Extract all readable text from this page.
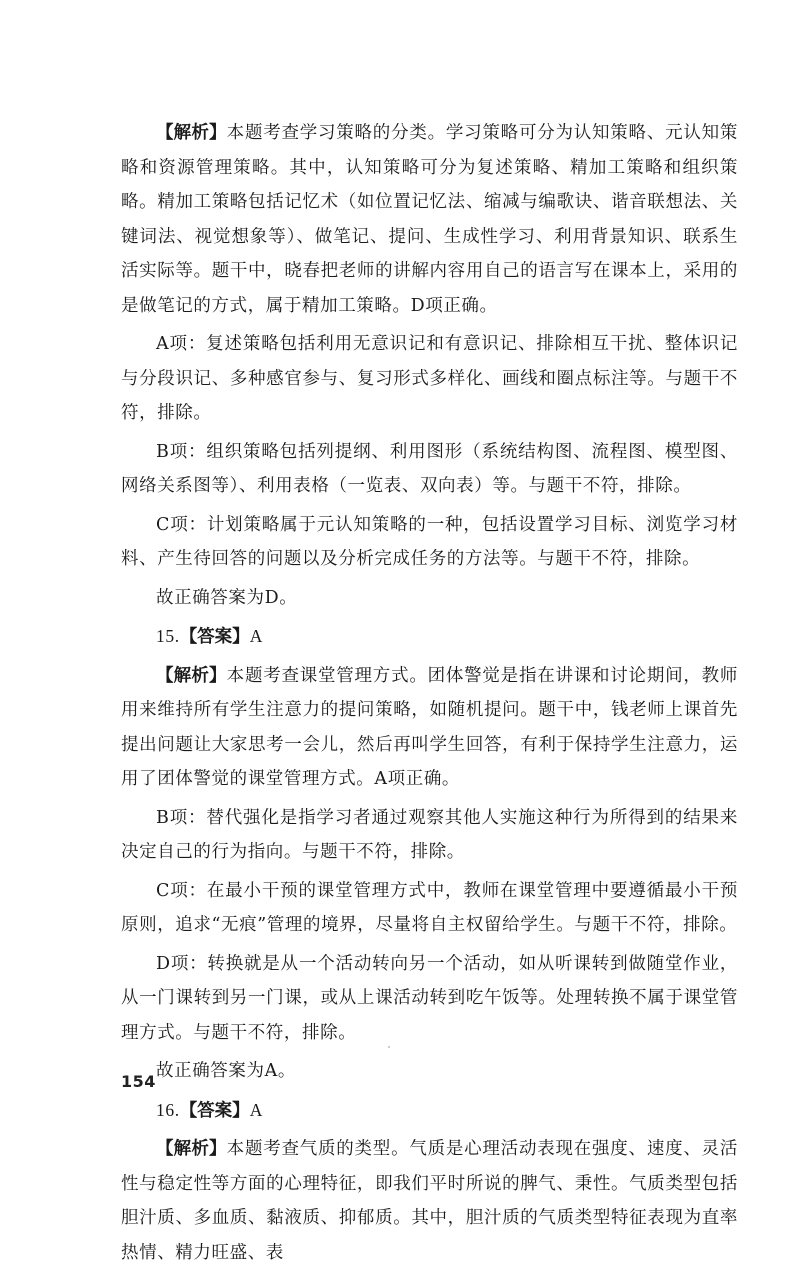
【解析】本题考查学习策略的分类。学习策略可分为认知策略、元认知策略和资源管理策略。其中，认知策略可分为复述策略、精加工策略和组织策略。精加工策略包括记忆术（如位置记忆法、缩减与编歌诀、谐音联想法、关键词法、视觉想象等）、做笔记、提问、生成性学习、利用背景知识、联系生活实际等。题干中，晓春把老师的讲解内容用自己的语言写在课本上，采用的是做笔记的方式，属于精加工策略。D项正确。

A项：复述策略包括利用无意识记和有意识记、排除相互干扰、整体识记与分段识记、多种感官参与、复习形式多样化、画线和圈点标注等。与题干不符，排除。

B项：组织策略包括列提纲、利用图形（系统结构图、流程图、模型图、网络关系图等）、利用表格（一览表、双向表）等。与题干不符，排除。

C项：计划策略属于元认知策略的一种，包括设置学习目标、浏览学习材料、产生待回答的问题以及分析完成任务的方法等。与题干不符，排除。

故正确答案为D。

15.【答案】A

【解析】本题考查课堂管理方式。团体警觉是指在讲课和讨论期间，教师用来维持所有学生注意力的提问策略，如随机提问。题干中，钱老师上课首先提出问题让大家思考一会儿，然后再叫学生回答，有利于保持学生注意力，运用了团体警觉的课堂管理方式。A项正确。

B项：替代强化是指学习者通过观察其他人实施这种行为所得到的结果来决定自己的行为指向。与题干不符，排除。

C项：在最小干预的课堂管理方式中，教师在课堂管理中要遵循最小干预原则，追求“无痕”管理的境界，尽量将自主权留给学生。与题干不符，排除。

D项：转换就是从一个活动转向另一个活动，如从听课转到做随堂作业，从一门课转到另一门课，或从上课活动转到吃午饭等。处理转换不属于课堂管理方式。与题干不符，排除。

故正确答案为A。

16.【答案】A

【解析】本题考查气质的类型。气质是心理活动表现在强度、速度、灵活性与稳定性等方面的心理特征，即我们平时所说的脾气、秉性。气质类型包括胆汁质、多血质、黏液质、抑郁质。其中，胆汁质的气质类型特征表现为直率热情、精力旺盛、表

154
